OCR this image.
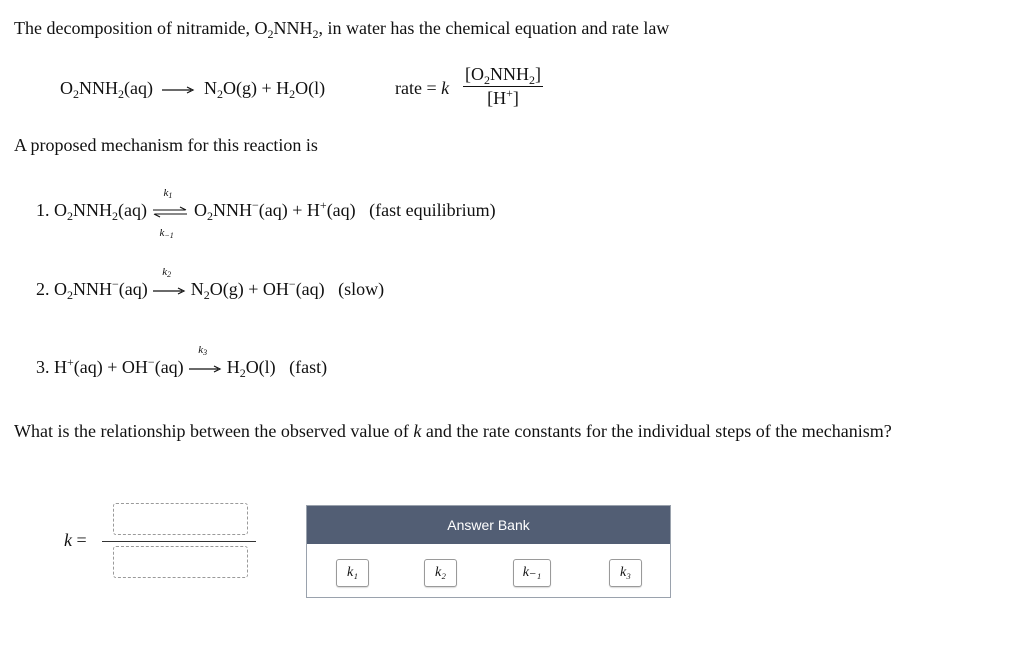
The decomposition of nitramide, $O_2NNH_2$, in water has the chemical equation and rate law
$O_2NNH_2(aq) N_2O(g) + H_2O(l)$	rate = k
$[O_2NNH_2]$
[H+]
A proposed mechanism for this reaction is
1. $O_2NNH_2(aq)$
$k_1$
$k_{-1}$
$O_2NNH^-(aq) + H^+(aq)$   (fast equilibrium)
2. $O_2NNH^-(aq)$
$k_2$
$N_2O(g) + OH^-(aq)$   (slow)
3. H+(aq) + OH−(aq)
$k_3$
$H_2O(l)$   (fast)
What is the relationship between the observed value of k and the rate constants for the individual steps of the mechanism?
k =
Answer Bank
k₁	k₂	k₋₁	k₃
